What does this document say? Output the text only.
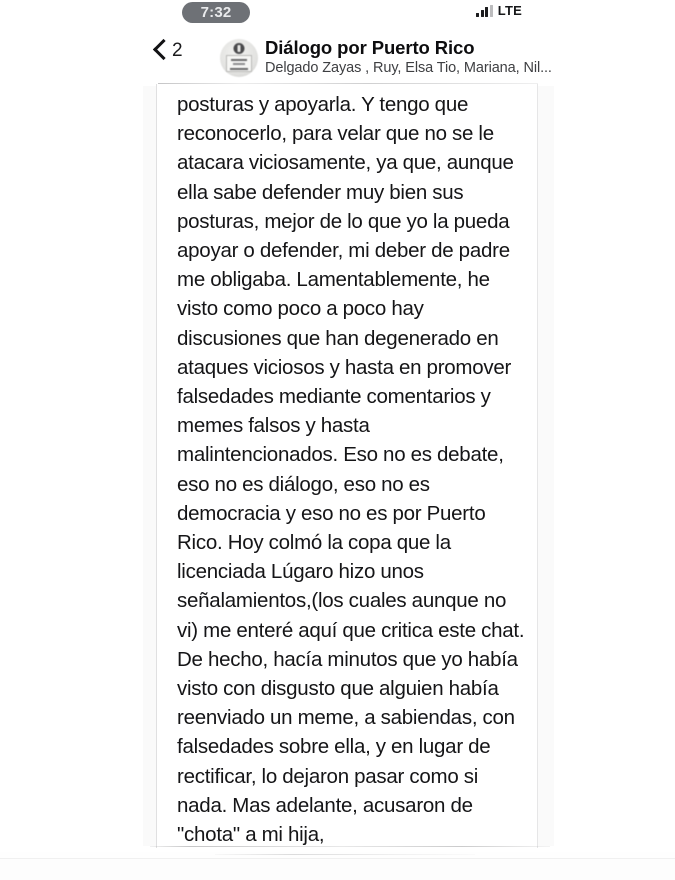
7:32	LTE
2	Diálogo por Puerto Rico
Delgado Zayas , Ruy, Elsa Tio, Mariana, Nil...
posturas y apoyarla. Y tengo que reconocerlo, para velar que no se le atacara viciosamente, ya que, aunque ella sabe defender muy bien sus posturas, mejor de lo que yo la pueda apoyar o defender, mi deber de padre me obligaba. Lamentablemente, he visto como poco a poco hay discusiones que han degenerado en ataques viciosos y hasta en promover falsedades mediante comentarios y memes falsos y hasta malintencionados. Eso no es debate, eso no es diálogo, eso no es democracia y eso no es por Puerto Rico. Hoy colmó la copa que la licenciada Lúgaro hizo unos señalamientos,(los cuales aunque no vi) me enteré aquí que critica este chat. De hecho, hacía minutos que yo había visto con disgusto que alguien había reenviado un meme, a sabiendas, con falsedades sobre ella, y en lugar de rectificar, lo dejaron pasar como si nada. Mas adelante, acusaron de "chota" a mi hija,
